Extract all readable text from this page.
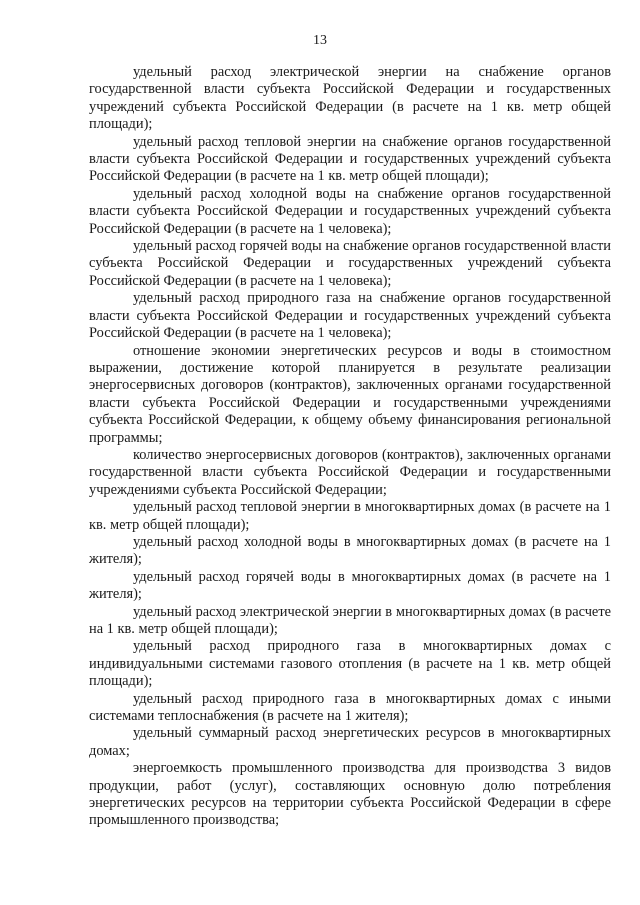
13

удельный расход электрической энергии на снабжение органов государственной власти субъекта Российской Федерации и государственных учреждений субъекта Российской Федерации (в расчете на 1 кв. метр общей площади);

удельный расход тепловой энергии на снабжение органов государственной власти субъекта Российской Федерации и государственных учреждений субъекта Российской Федерации (в расчете на 1 кв. метр общей площади);

удельный расход холодной воды на снабжение органов государственной власти субъекта Российской Федерации и государственных учреждений субъекта Российской Федерации (в расчете на 1 человека);

удельный расход горячей воды на снабжение органов государственной власти субъекта Российской Федерации и государственных учреждений субъекта Российской Федерации (в расчете на 1 человека);

удельный расход природного газа на снабжение органов государственной власти субъекта Российской Федерации и государственных учреждений субъекта Российской Федерации (в расчете на 1 человека);

отношение экономии энергетических ресурсов и воды в стоимостном выражении, достижение которой планируется в результате реализации энергосервисных договоров (контрактов), заключенных органами государственной власти субъекта Российской Федерации и государственными учреждениями субъекта Российской Федерации, к общему объему финансирования региональной программы;

количество энергосервисных договоров (контрактов), заключенных органами государственной власти субъекта Российской Федерации и государственными учреждениями субъекта Российской Федерации;

удельный расход тепловой энергии в многоквартирных домах (в расчете на 1 кв. метр общей площади);

удельный расход холодной воды в многоквартирных домах (в расчете на 1 жителя);

удельный расход горячей воды в многоквартирных домах (в расчете на 1 жителя);

удельный расход электрической энергии в многоквартирных домах (в расчете на 1 кв. метр общей площади);

удельный расход природного газа в многоквартирных домах с индивидуальными системами газового отопления (в расчете на 1 кв. метр общей площади);

удельный расход природного газа в многоквартирных домах с иными системами теплоснабжения (в расчете на 1 жителя);

удельный суммарный расход энергетических ресурсов в многоквартирных домах;

энергоемкость промышленного производства для производства 3 видов продукции, работ (услуг), составляющих основную долю потребления энергетических ресурсов на территории субъекта Российской Федерации в сфере промышленного производства;
